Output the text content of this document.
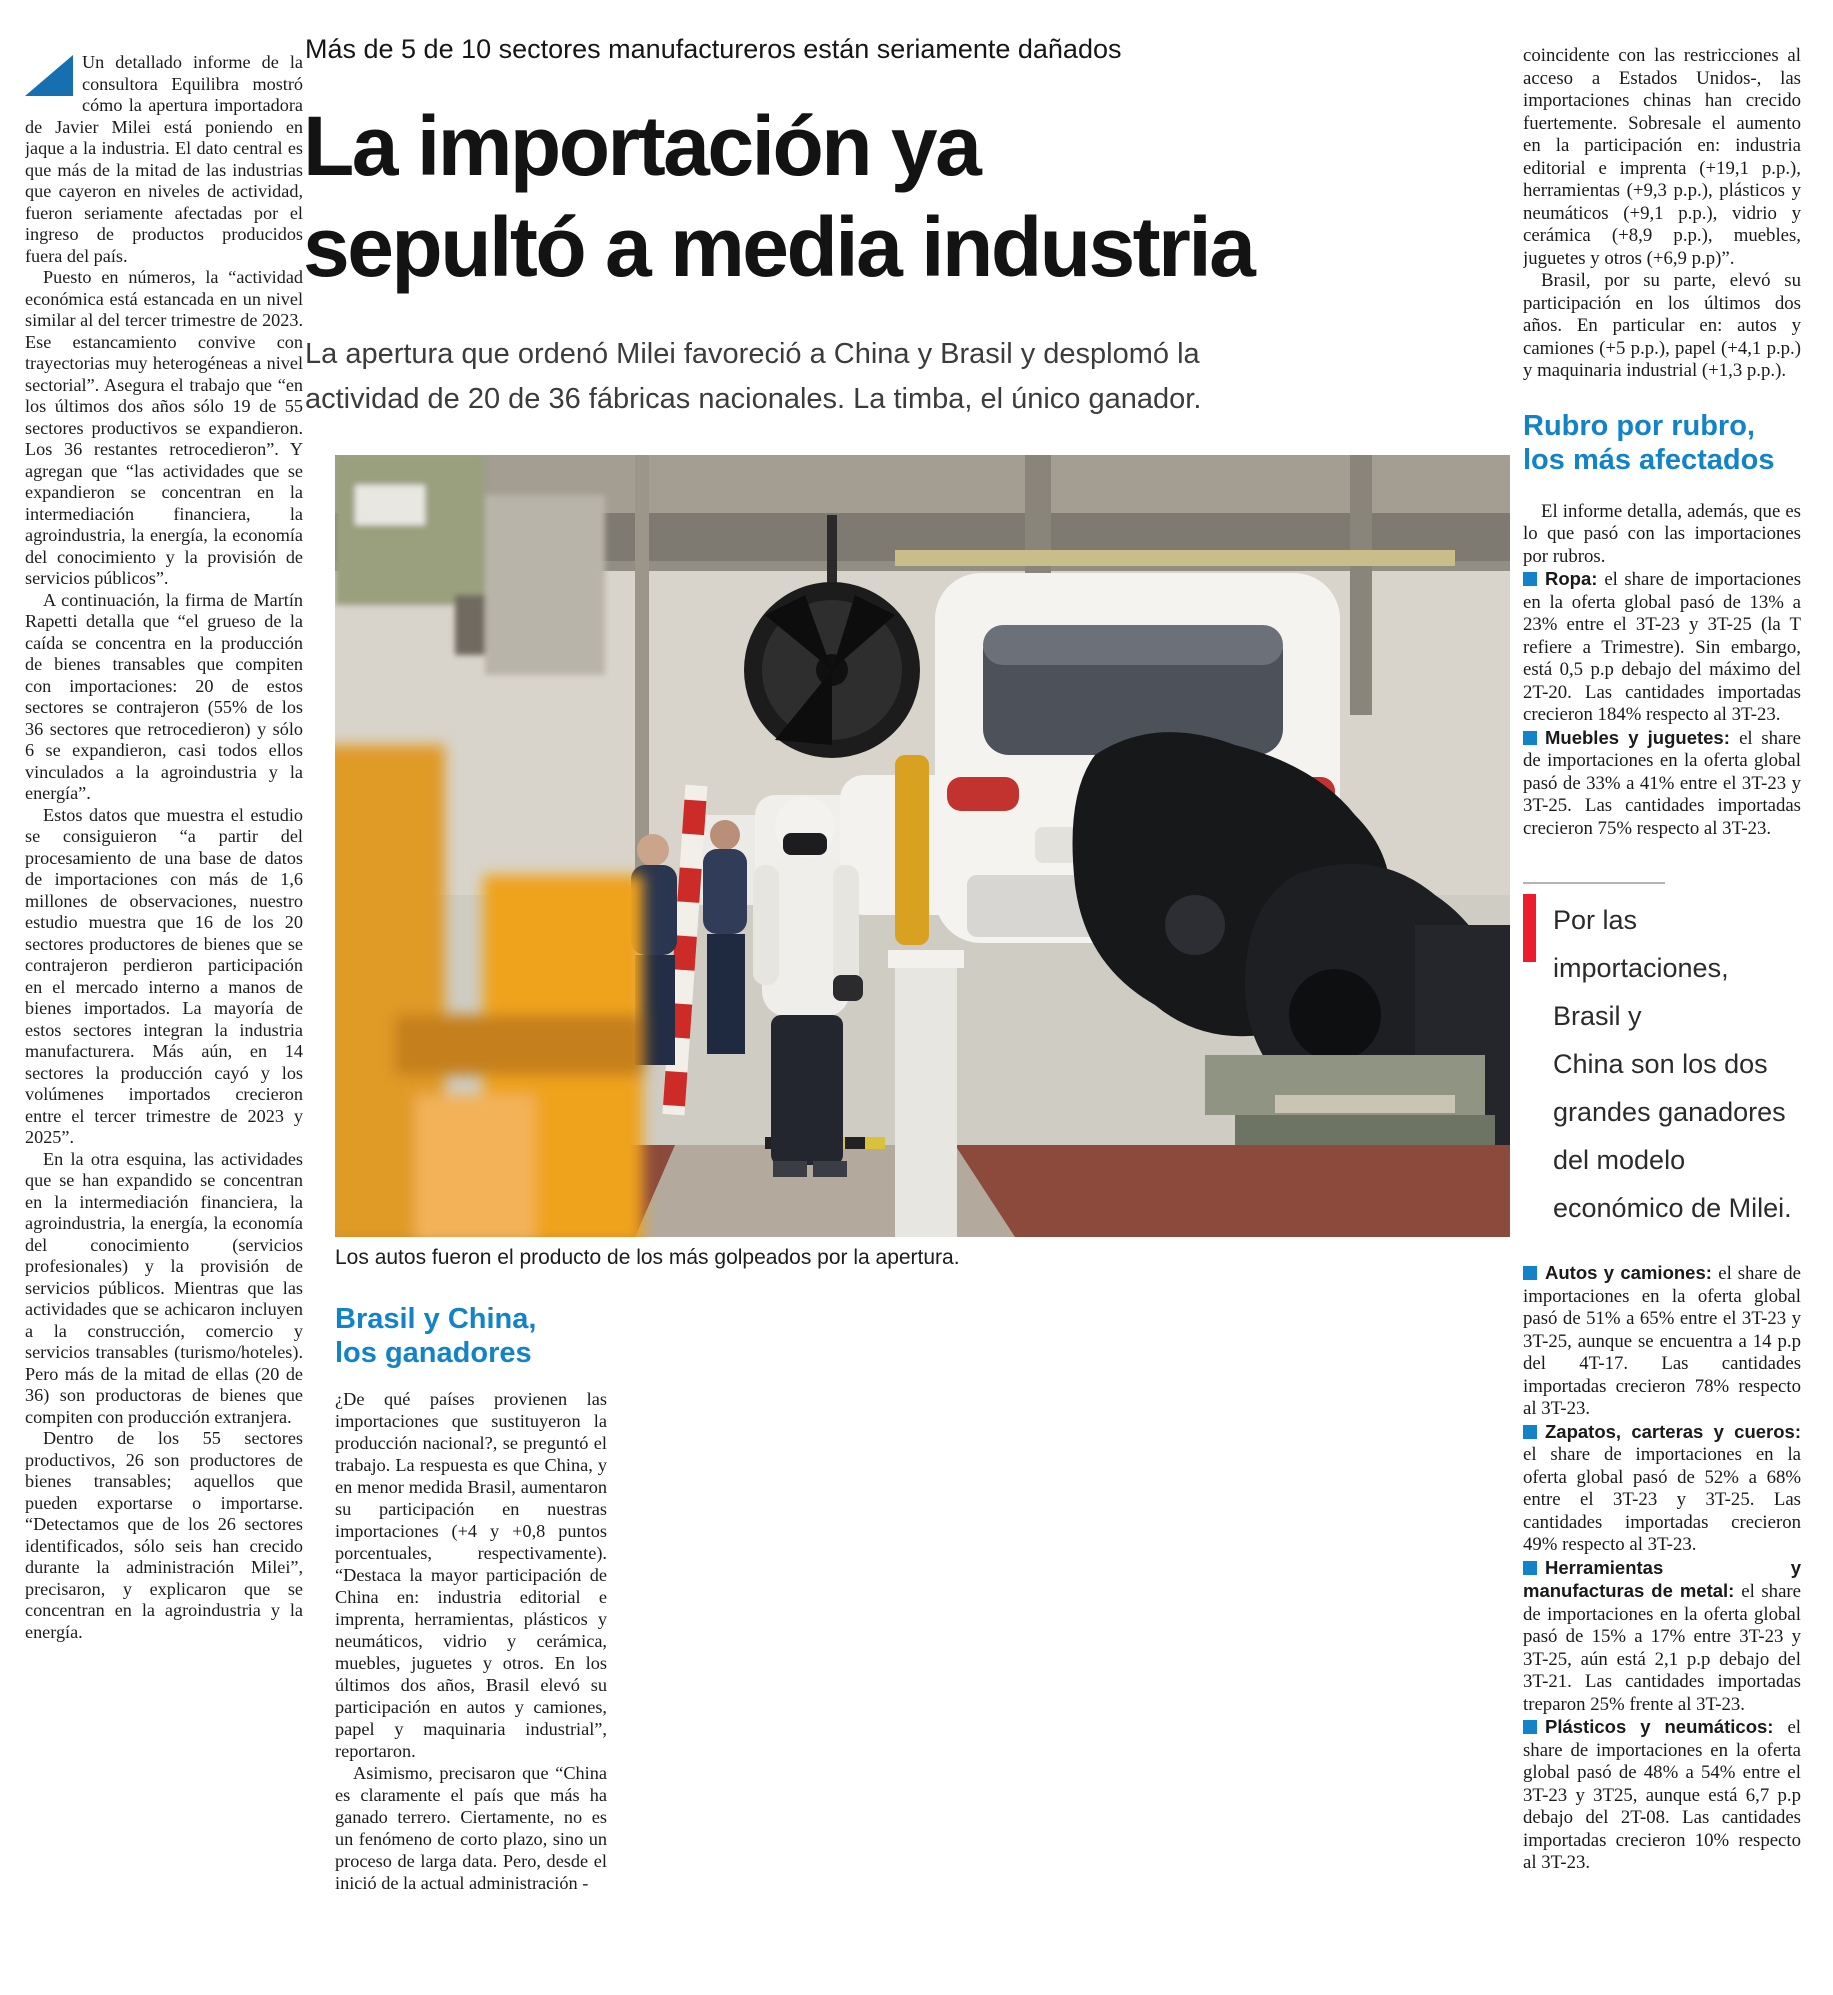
Un detallado informe de la consultora Equilibra mostró cómo la apertura importadora de Javier Milei está poniendo en jaque a la industria. El dato central es que más de la mitad de las industrias que cayeron en niveles de actividad, fueron seriamente afectadas por el ingreso de productos producidos fuera del país.

Puesto en números, la “actividad económica está estancada en un nivel similar al del tercer trimestre de 2023. Ese estancamiento convive con trayectorias muy heterogéneas a nivel sectorial”. Asegura el trabajo que “en los últimos dos años sólo 19 de 55 sectores productivos se expandieron. Los 36 restantes retrocedieron”. Y agregan que “las actividades que se expandieron se concentran en la intermediación financiera, la agroindustria, la energía, la economía del conocimiento y la provisión de servicios públicos”.

A continuación, la firma de Martín Rapetti detalla que “el grueso de la caída se concentra en la producción de bienes transables que compiten con importaciones: 20 de estos sectores se contrajeron (55% de los 36 sectores que retrocedieron) y sólo 6 se expandieron, casi todos ellos vinculados a la agroindustria y la energía”.

Estos datos que muestra el estudio se consiguieron “a partir del procesamiento de una base de datos de importaciones con más de 1,6 millones de observaciones, nuestro estudio muestra que 16 de los 20 sectores productores de bienes que se contrajeron perdieron participación en el mercado interno a manos de bienes importados. La mayoría de estos sectores integran la industria manufacturera. Más aún, en 14 sectores la producción cayó y los volúmenes importados crecieron entre el tercer trimestre de 2023 y 2025”.

En la otra esquina, las actividades que se han expandido se concentran en la intermediación financiera, la agroindustria, la energía, la economía del conocimiento (servicios profesionales) y la provisión de servicios públicos. Mientras que las actividades que se achicaron incluyen a la construcción, comercio y servicios transables (turismo/hoteles). Pero más de la mitad de ellas (20 de 36) son productoras de bienes que compiten con producción extranjera.

Dentro de los 55 sectores productivos, 26 son productores de bienes transables; aquellos que pueden exportarse o importarse. “Detectamos que de los 26 sectores identificados, sólo seis han crecido durante la administración Milei”, precisaron, y explicaron que se concentran en la agroindustria y la energía.

Más de 5 de 10 sectores manufactureros están seriamente dañados
La importación ya
sepultó a media industria
La apertura que ordenó Milei favoreció a China y Brasil y desplomó la actividad de 20 de 36 fábricas nacionales. La timba, el único ganador.
Los autos fueron el producto de los más golpeados por la apertura.
Brasil y China,
los ganadores

¿De qué países provienen las importaciones que sustituyeron la producción nacional?, se preguntó el trabajo. La respuesta es que China, y en menor medida Brasil, aumentaron su participación en nuestras importaciones (+4 y +0,8 puntos porcentuales, respectivamente). “Destaca la mayor participación de China en: industria editorial e imprenta, herramientas, plásticos y neumáticos, vidrio y cerámica, muebles, juguetes y otros. En los últimos dos años, Brasil elevó su participación en autos y camiones, papel y maquinaria industrial”, reportaron.

Asimismo, precisaron que “China es claramente el país que más ha ganado terrero. Ciertamente, no es un fenómeno de corto plazo, sino un proceso de larga data. Pero, desde el inició de la actual administración -

coincidente con las restricciones al acceso a Estados Unidos-, las importaciones chinas han crecido fuertemente. Sobresale el aumento en la participación en: industria editorial e imprenta (+19,1 p.p.), herramientas (+9,3 p.p.), plásticos y neumáticos (+9,1 p.p.), vidrio y cerámica (+8,9 p.p.), muebles, juguetes y otros (+6,9 p.p)”.

Brasil, por su parte, elevó su participación en los últimos dos años. En particular en: autos y camiones (+5 p.p.), papel (+4,1 p.p.) y maquinaria industrial (+1,3 p.p.).

Rubro por rubro,
los más afectados

El informe detalla, además, que es lo que pasó con las importaciones por rubros.

Ropa: el share de importaciones en la oferta global pasó de 13% a 23% entre el 3T-23 y 3T-25 (la T refiere a Trimestre). Sin embargo, está 0,5 p.p debajo del máximo del 2T-20. Las cantidades importadas crecieron 184% respecto al 3T-23.

Muebles y juguetes: el share de importaciones en la oferta global pasó de 33% a 41% entre el 3T-23 y 3T-25. Las cantidades importadas crecieron 75% respecto al 3T-23.

Por las
importaciones, Brasil y
China son los dos
grandes ganadores
del modelo
económico de Milei.

Autos y camiones: el share de importaciones en la oferta global pasó de 51% a 65% entre el 3T-23 y 3T-25, aunque se encuentra a 14 p.p del 4T-17. Las cantidades importadas crecieron 78% respecto al 3T-23.

Zapatos, carteras y cueros:el share de importaciones en la oferta global pasó de 52% a 68% entre el 3T-23 y 3T-25. Las cantidades importadas crecieron 49% respecto al 3T-23.

Herramientas y manufacturas de metal: el share de importaciones en la oferta global pasó de 15% a 17% entre 3T-23 y 3T-25, aún está 2,1 p.p debajo del 3T-21. Las cantidades importadas treparon 25% frente al 3T-23.

Plásticos y neumáticos: el share de importaciones en la oferta global pasó de 48% a 54% entre el 3T-23 y 3T25, aunque está 6,7 p.p debajo del 2T-08. Las cantidades importadas crecieron 10% respecto al 3T-23.
